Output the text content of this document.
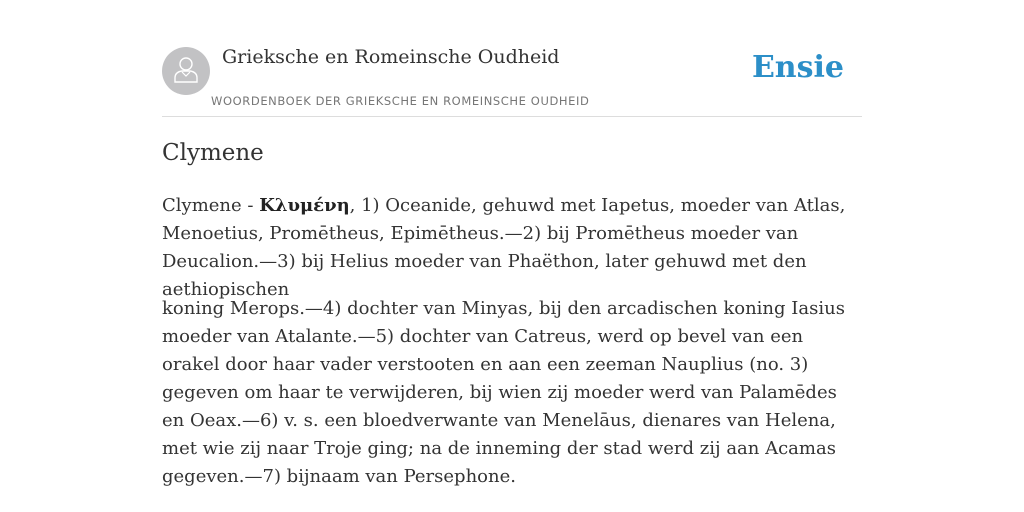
Grieksche en Romeinsche Oudheid
WOORDENBOEK DER GRIEKSCHE EN ROMEINSCHE OUDHEID
Ensie
Clymene

Clymene - Κλυμένη, 1) Oceanide, gehuwd met Iapetus, moeder van Atlas, Menoetius, Promētheus, Epimētheus.—2) bij Promētheus moeder van Deucalion.—3) bij Helius moeder van Phaëthon, later gehuwd met den aethiopischen

koning Merops.—4) dochter van Minyas, bij den arcadischen koning Iasius moeder van Atalante.—5) dochter van Catreus, werd op bevel van een orakel door haar vader verstooten en aan een zeeman Nauplius (no. 3) gegeven om haar te verwijderen, bij wien zij moeder werd van Palamēdes en Oeax.—6) v. s. een bloedverwante van Menelāus, dienares van Helena, met wie zij naar Troje ging; na de inneming der stad werd zij aan Acamas gegeven.—7) bijnaam van Persephone.
